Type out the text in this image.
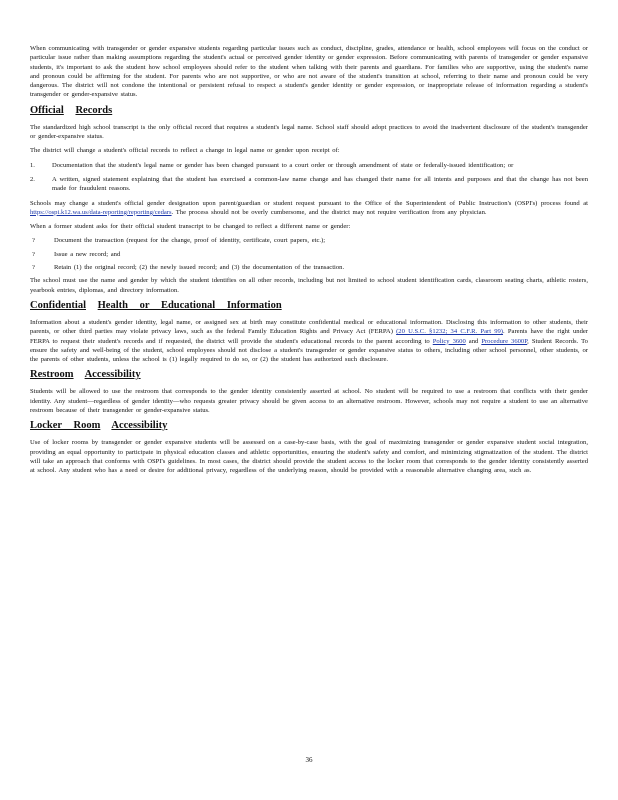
When communicating with transgender or gender expansive students regarding particular issues such as conduct, discipline, grades, attendance or health, school employees will focus on the conduct or particular issue rather than making assumptions regarding the student's actual or perceived gender identity or gender expression. Before communicating with parents of transgender or gender expansive students, it's important to ask the student how school employees should refer to the student when talking with their parents and guardians. For families who are supportive, using the student's name and pronoun could be affirming for the student. For parents who are not supportive, or who are not aware of the student's transition at school, referring to their name and pronoun could be very dangerous. The district will not condone the intentional or persistent refusal to respect a student's gender identity or gender expression, or inappropriate release of information regarding a student's transgender or gender-expansive status.

Official Records

The standardized high school transcript is the only official record that requires a student's legal name. School staff should adopt practices to avoid the inadvertent disclosure of the student's transgender or gender-expansive status.

The district will change a student's official records to reflect a change in legal name or gender upon receipt of:

1.	Documentation that the student's legal name or gender has been changed pursuant to a court order or through amendment of state or federally-issued identification; or

2.	A written, signed statement explaining that the student has exercised a common-law name change and has changed their name for all intents and purposes and that the change has not been made for fraudulent reasons.

Schools may change a student's official gender designation upon parent/guardian or student request pursuant to the Office of the Superintendent of Public Instruction's (OSPI's) process found at https://ospi.k12.wa.us/data-reporting/reporting/cedars. The process should not be overly cumbersome, and the district may not require verification from any physician.

When a former student asks for their official student transcript to be changed to reflect a different name or gender:

?	Document the transaction (request for the change, proof of identity, certificate, court papers, etc.);

?	Issue a new record; and

?	Retain (1) the original record; (2) the newly issued record; and (3) the documentation of the transaction.

The school must use the name and gender by which the student identifies on all other records, including but not limited to school student identification cards, classroom seating charts, athletic rosters, yearbook entries, diplomas, and directory information.

Confidential Health or Educational Information

Information about a student's gender identity, legal name, or assigned sex at birth may constitute confidential medical or educational information. Disclosing this information to other students, their parents, or other third parties may violate privacy laws, such as the federal Family Education Rights and Privacy Act (FERPA) (20 U.S.C. §1232; 34 C.F.R. Part 99). Parents have the right under FERPA to request their student's records and if requested, the district will provide the student's educational records to the parent according to Policy 3600 and Procedure 3600P, Student Records. To ensure the safety and well-being of the student, school employees should not disclose a student's transgender or gender expansive status to others, including other school personnel, other students, or the parents of other students, unless the school is (1) legally required to do so, or (2) the student has authorized such disclosure.

Restroom Accessibility

Students will be allowed to use the restroom that corresponds to the gender identity consistently asserted at school. No student will be required to use a restroom that conflicts with their gender identity. Any student—regardless of gender identity—who requests greater privacy should be given access to an alternative restroom. However, schools may not require a student to use an alternative restroom because of their transgender or gender-expansive status.

Locker Room Accessibility

Use of locker rooms by transgender or gender expansive students will be assessed on a case-by-case basis, with the goal of maximizing transgender or gender expansive student social integration, providing an equal opportunity to participate in physical education classes and athletic opportunities, ensuring the student's safety and comfort, and minimizing stigmatization of the student. The district will take an approach that conforms with OSPI's guidelines. In most cases, the district should provide the student access to the locker room that corresponds to the gender identity consistently asserted at school. Any student who has a need or desire for additional privacy, regardless of the underlying reason, should be provided with a reasonable alternative changing area, such as.

36
